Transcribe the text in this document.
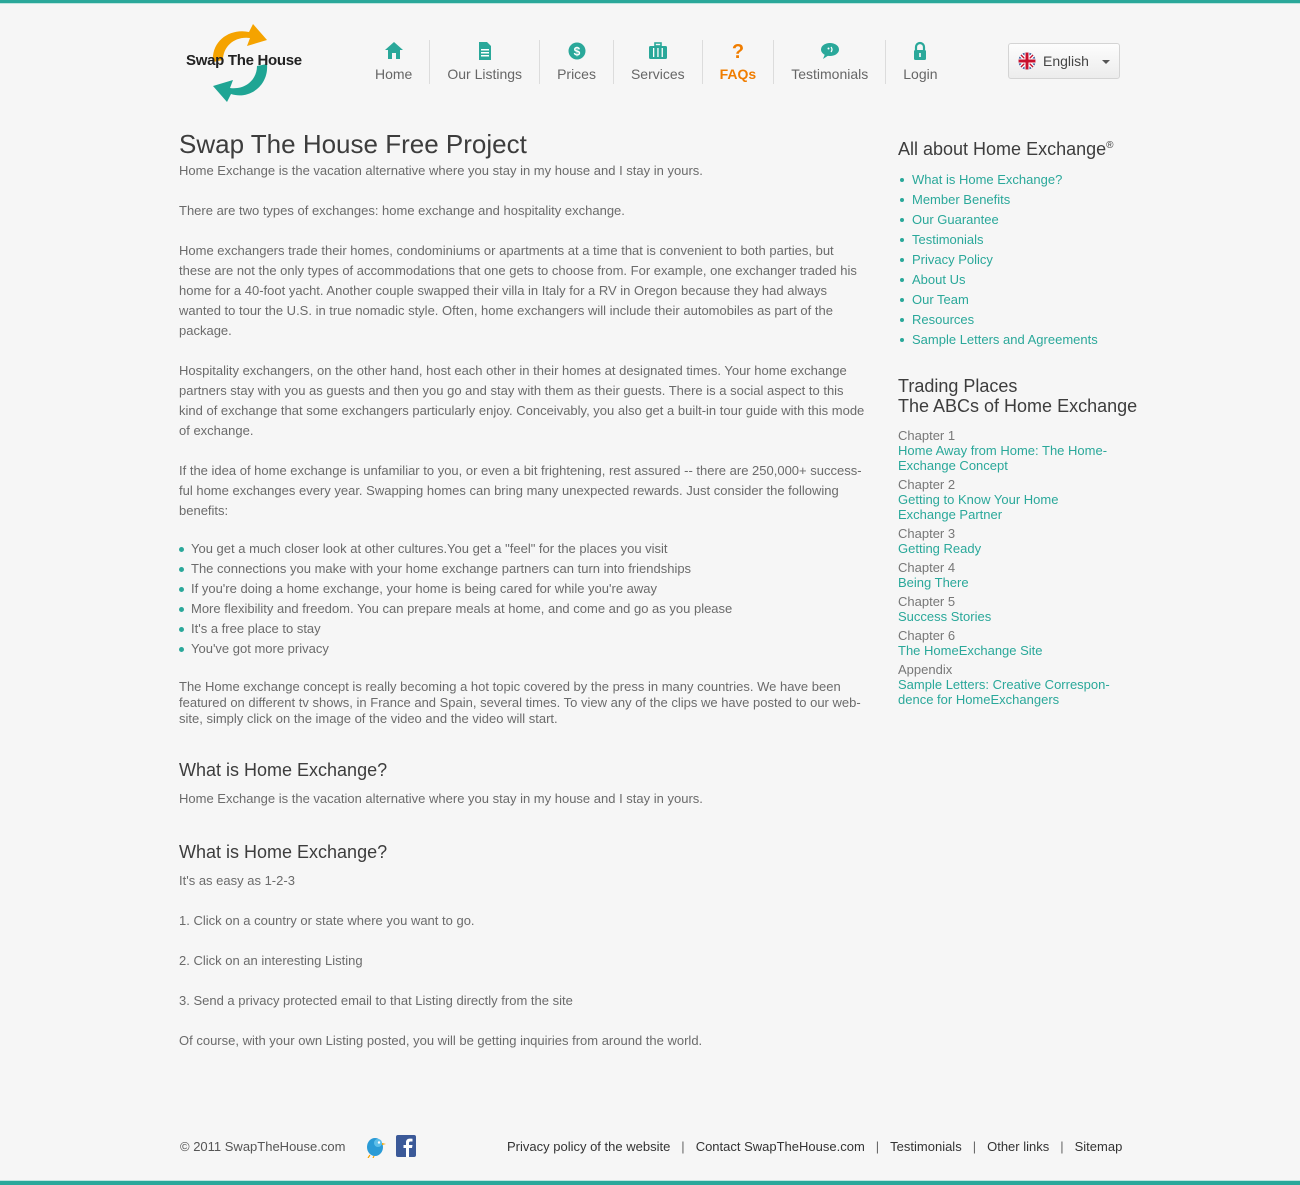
Swap The House
Home	Our Listings
$
Prices	Services
?
FAQs	Testimonials	Login
English
Swap The House Free Project

Home Exchange is the vacation alternative where you stay in my house and I stay in yours.

There are two types of exchanges: home exchange and hospitality exchange.

Home exchangers trade their homes, condominiums or apartments at a time that is convenient to both parties, but these are not the only types of accommodations that one gets to choose from. For example, one exchanger traded his home for a 40-foot yacht. Another couple swapped their villa in Italy for a RV in Oregon because they had always wanted to tour the U.S. in true nomadic style. Often, home exchangers will include their automobiles as part of the package.

Hospitality exchangers, on the other hand, host each other in their homes at designated times. Your home exchange partners stay with you as guests and then you go and stay with them as their guests. There is a social aspect to this kind of exchange that some exchangers particularly enjoy. Conceivably, you also get a built-in tour guide with this mode of exchange.

If the idea of home exchange is unfamiliar to you, or even a bit frightening, rest assured -- there are 250,000+ success-ful home exchanges every year. Swapping homes can bring many unexpected rewards. Just consider the following benefits:

You get a much closer look at other cultures.You get a "feel" for the places you visit
The connections you make with your home exchange partners can turn into friendships
If you're doing a home exchange, your home is being cared for while you're away
More flexibility and freedom. You can prepare meals at home, and come and go as you please
It's a free place to stay
You've got more privacy

The Home exchange concept is really becoming a hot topic covered by the press in many countries. We have been featured on different tv shows, in France and Spain, several times. To view any of the clips we have posted to our web-site, simply click on the image of the video and the video will start.

What is Home Exchange?

Home Exchange is the vacation alternative where you stay in my house and I stay in yours.

What is Home Exchange?

It's as easy as 1-2-3

1. Click on a country or state where you want to go.

2. Click on an interesting Listing

3. Send a privacy protected email to that Listing directly from the site

Of course, with your own Listing posted, you will be getting inquiries from around the world.

All about Home Exchange®
What is Home Exchange?
Member Benefits
Our Guarantee
Testimonials
Privacy Policy
About Us
Our Team
Resources
Sample Letters and Agreements
Trading Places
The ABCs of Home Exchange
Chapter 1
Home Away from Home: The Home-Exchange Concept
Chapter 2
Getting to Know Your Home Exchange Partner
Chapter 3
Getting Ready
Chapter 4
Being There
Chapter 5
Success Stories
Chapter 6
The HomeExchange Site
Appendix
Sample Letters: Creative Correspon-dence for HomeExchangers
© 2011 SwapTheHouse.com	Privacy policy of the website | Contact SwapTheHouse.com | Testimonials | Other links | Sitemap
